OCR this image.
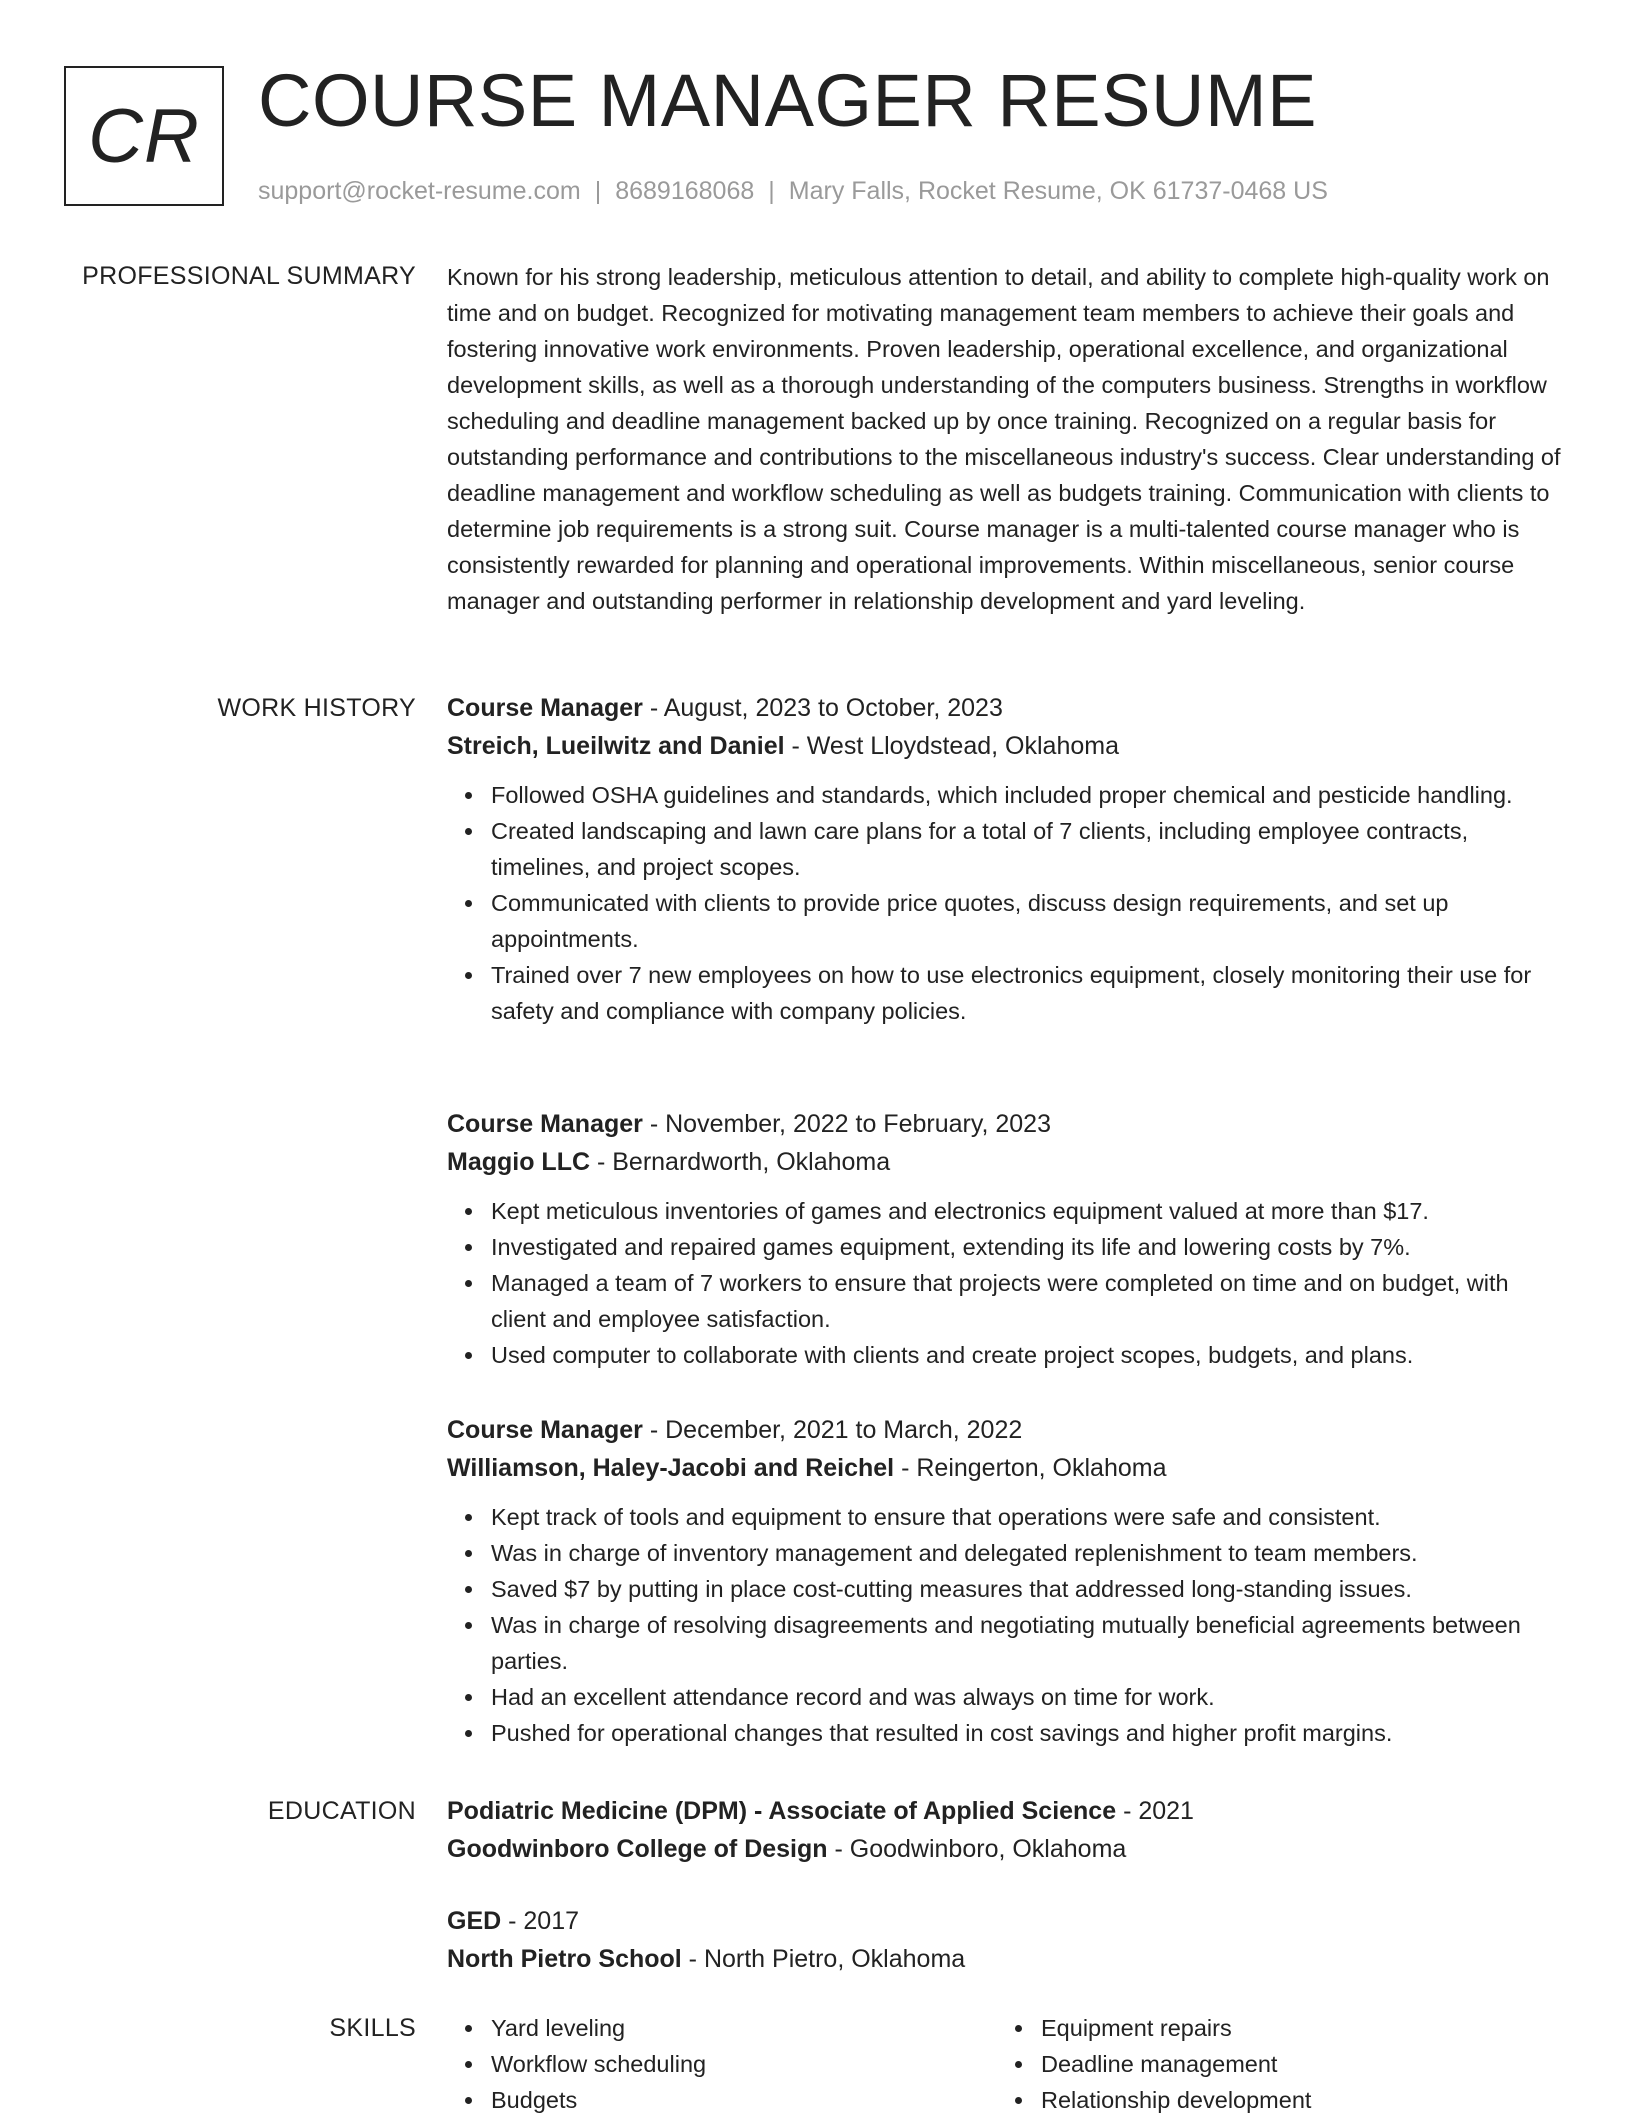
CR COURSE MANAGER RESUME
support@rocket-resume.com | 8689168068 | Mary Falls, Rocket Resume, OK 61737-0468 US
PROFESSIONAL SUMMARY Known for his strong leadership, meticulous attention to detail, and ability to complete high-quality work on time and on budget. Recognized for motivating management team members to achieve their goals and fostering innovative work environments. Proven leadership, operational excellence, and organizational development skills, as well as a thorough understanding of the computers business. Strengths in workflow scheduling and deadline management backed up by once training. Recognized on a regular basis for outstanding performance and contributions to the miscellaneous industry's success. Clear understanding of deadline management and workflow scheduling as well as budgets training. Communication with clients to determine job requirements is a strong suit. Course manager is a multi-talented course manager who is consistently rewarded for planning and operational improvements. Within miscellaneous, senior course manager and outstanding performer in relationship development and yard leveling.

WORK HISTORY Course Manager - August, 2023 to October, 2023

Streich, Lueilwitz and Daniel - West Lloydstead, Oklahoma

Followed OSHA guidelines and standards, which included proper chemical and pesticide handling.
Created landscaping and lawn care plans for a total of 7 clients, including employee contracts, timelines, and project scopes.
Communicated with clients to provide price quotes, discuss design requirements, and set up appointments.
Trained over 7 new employees on how to use electronics equipment, closely monitoring their use for safety and compliance with company policies.

Course Manager - November, 2022 to February, 2023

Maggio LLC - Bernardworth, Oklahoma

Kept meticulous inventories of games and electronics equipment valued at more than $17.
Investigated and repaired games equipment, extending its life and lowering costs by 7%.
Managed a team of 7 workers to ensure that projects were completed on time and on budget, with client and employee satisfaction.
Used computer to collaborate with clients and create project scopes, budgets, and plans.

Course Manager - December, 2021 to March, 2022

Williamson, Haley-Jacobi and Reichel - Reingerton, Oklahoma

Kept track of tools and equipment to ensure that operations were safe and consistent.
Was in charge of inventory management and delegated replenishment to team members.
Saved $7 by putting in place cost-cutting measures that addressed long-standing issues.
Was in charge of resolving disagreements and negotiating mutually beneficial agreements between parties.
Had an excellent attendance record and was always on time for work.
Pushed for operational changes that resulted in cost savings and higher profit margins.
EDUCATION Podiatric Medicine (DPM) - Associate of Applied Science - 2021

Goodwinboro College of Design - Goodwinboro, Oklahoma

GED - 2017

North Pietro School - North Pietro, Oklahoma

SKILLS	Yard leveling
Workflow scheduling
Budgets
Equipment repairs
Deadline management
Relationship development
